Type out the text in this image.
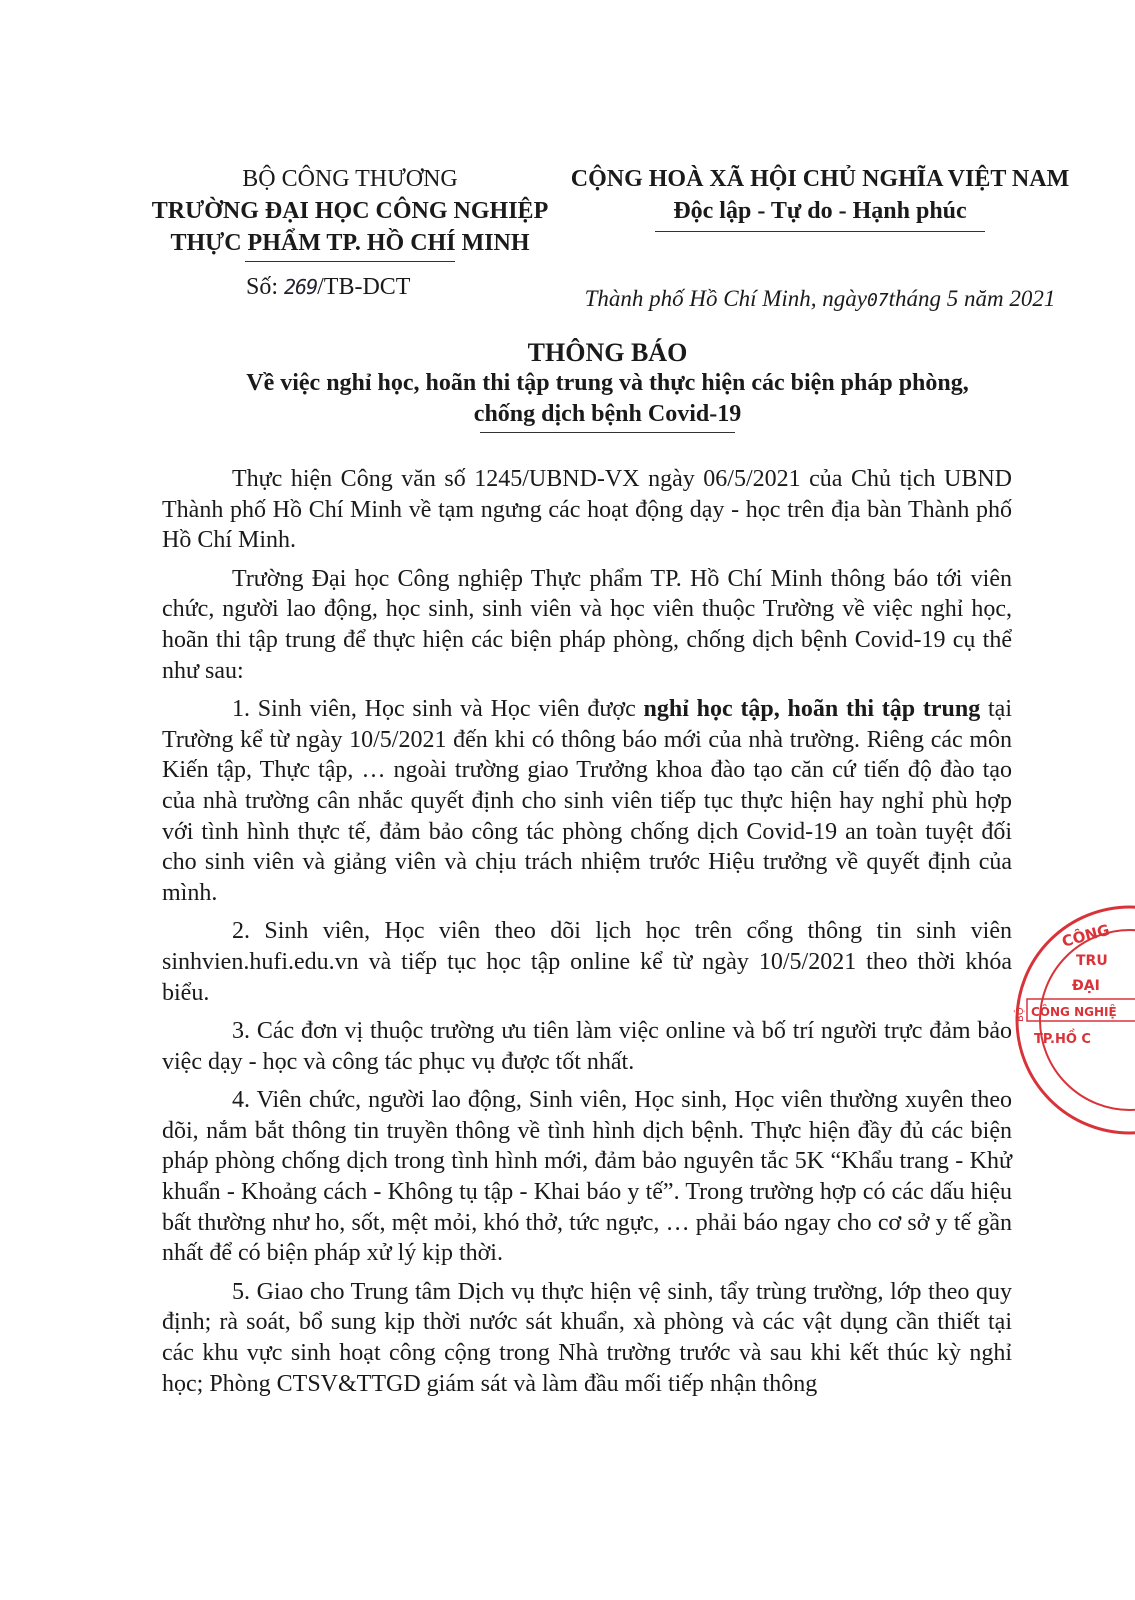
BỘ CÔNG THƯƠNG
TRƯỜNG ĐẠI HỌC CÔNG NGHIỆP
THỰC PHẨM TP. HỒ CHÍ MINH
Số: 269/TB-DCT
CỘNG HOÀ XÃ HỘI CHỦ NGHĨA VIỆT NAM
Độc lập - Tự do - Hạnh phúc
Thành phố Hồ Chí Minh, ngày07tháng 5 năm 2021
THÔNG BÁO
Về việc nghỉ học, hoãn thi tập trung và thực hiện các biện pháp phòng,
chống dịch bệnh Covid-19

Thực hiện Công văn số 1245/UBND-VX ngày 06/5/2021 của Chủ tịch UBND Thành phố Hồ Chí Minh về tạm ngưng các hoạt động dạy - học trên địa bàn Thành phố Hồ Chí Minh.

Trường Đại học Công nghiệp Thực phẩm TP. Hồ Chí Minh thông báo tới viên chức, người lao động, học sinh, sinh viên và học viên thuộc Trường về việc nghỉ học, hoãn thi tập trung để thực hiện các biện pháp phòng, chống dịch bệnh Covid-19 cụ thể như sau:

1. Sinh viên, Học sinh và Học viên được nghỉ học tập, hoãn thi tập trung tại Trường kể từ ngày 10/5/2021 đến khi có thông báo mới của nhà trường. Riêng các môn Kiến tập, Thực tập, … ngoài trường giao Trưởng khoa đào tạo căn cứ tiến độ đào tạo của nhà trường cân nhắc quyết định cho sinh viên tiếp tục thực hiện hay nghỉ phù hợp với tình hình thực tế, đảm bảo công tác phòng chống dịch Covid-19 an toàn tuyệt đối cho sinh viên và giảng viên và chịu trách nhiệm trước Hiệu trưởng về quyết định của mình.

2. Sinh viên, Học viên theo dõi lịch học trên cổng thông tin sinh viên sinhvien.hufi.edu.vn và tiếp tục học tập online kể từ ngày 10/5/2021 theo thời khóa biểu.

3. Các đơn vị thuộc trường ưu tiên làm việc online và bố trí người trực đảm bảo việc dạy - học và công tác phục vụ được tốt nhất.

4. Viên chức, người lao động, Sinh viên, Học sinh, Học viên thường xuyên theo dõi, nắm bắt thông tin truyền thông về tình hình dịch bệnh. Thực hiện đầy đủ các biện pháp phòng chống dịch trong tình hình mới, đảm bảo nguyên tắc 5K “Khẩu trang - Khử khuẩn - Khoảng cách - Không tụ tập - Khai báo y tế”. Trong trường hợp có các dấu hiệu bất thường như ho, sốt, mệt mỏi, khó thở, tức ngực, … phải báo ngay cho cơ sở y tế gần nhất để có biện pháp xử lý kịp thời.

5. Giao cho Trung tâm Dịch vụ thực hiện vệ sinh, tẩy trùng trường, lớp theo quy định; rà soát, bổ sung kịp thời nước sát khuẩn, xà phòng và các vật dụng cần thiết tại các khu vực sinh hoạt công cộng trong Nhà trường trước và sau khi kết thúc kỳ nghỉ học; Phòng CTSV&TTGD giám sát và làm đầu mối tiếp nhận thông

CÔNG
TRU
ĐẠI
CÔNG NGHIỆ
TP.HỒ C
BỘ
